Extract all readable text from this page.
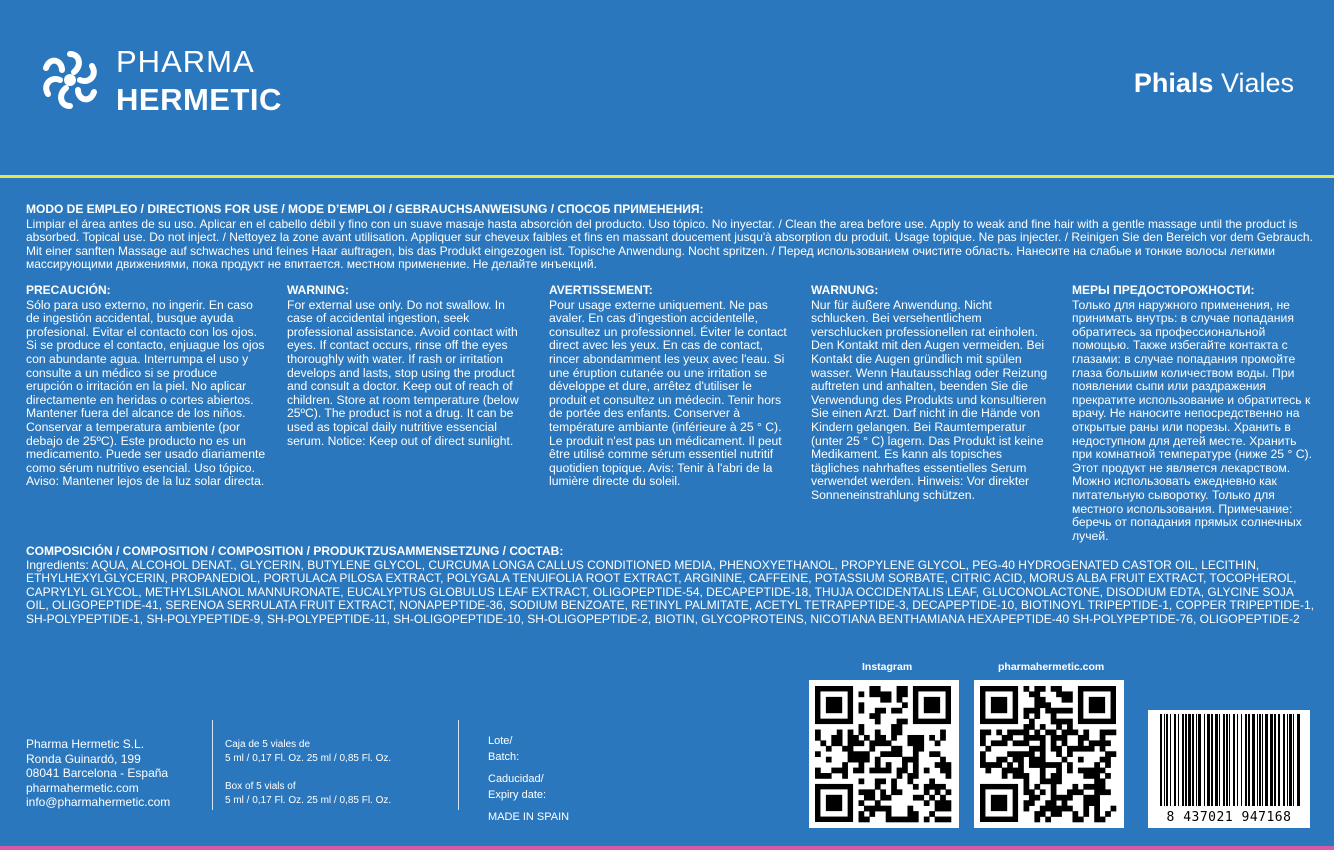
PHARMA
HERMETIC	Phials Viales
MODO DE EMPLEO / DIRECTIONS FOR USE / MODE D’EMPLOI / GEBRAUCHSANWEISUNG / СПОСОБ ПРИМЕНЕНИЯ:
Limpiar el área antes de su uso. Aplicar en el cabello débil y fino con un suave masaje hasta absorción del producto. Uso tópico. No inyectar. / Clean the area before use. Apply to weak and fine hair with a gentle massage until the product is absorbed. Topical use. Do not inject. / Nettoyez la zone avant utilisation. Appliquer sur cheveux faibles et fins en massant doucement jusqu'à absorption du produit. Usage topique. Ne pas injecter. / Reinigen Sie den Bereich vor dem Gebrauch. Mit einer sanften Massage auf schwaches und feines Haar auftragen, bis das Produkt eingezogen ist. Topische Anwendung. Nocht spritzen. / Перед использованием очистите область. Нанесите на слабые и тонкие волосы легкими массирующими движениями, пока продукт не впитается. местном применение. Не делайте инъекций.
PRECAUCIÓN:
Sólo para uso externo, no ingerir. En caso de ingestión accidental, busque ayuda profesional. Evitar el contacto con los ojos. Si se produce el contacto, enjuague los ojos con abundante agua. Interrumpa el uso y consulte a un médico si se produce erupción o irritación en la piel. No aplicar directamente en heridas o cortes abiertos. Mantener fuera del alcance de los niños. Conservar a temperatura ambiente (por debajo de 25ºC). Este producto no es un medicamento. Puede ser usado diariamente como sérum nutritivo esencial. Uso tópico. Aviso: Mantener lejos de la luz solar directa.
WARNING:
For external use only. Do not swallow. In case of accidental ingestion, seek professional assistance. Avoid contact with eyes. If contact occurs, rinse off the eyes thoroughly with water. If rash or irritation develops and lasts, stop using the product and consult a doctor. Keep out of reach of children. Store at room temperature (below 25ºC). The product is not a drug. It can be used as topical daily nutritive essencial serum. Notice: Keep out of direct sunlight.
AVERTISSEMENT:
Pour usage externe uniquement. Ne pas avaler. En cas d'ingestion accidentelle, consultez un professionnel. Éviter le contact direct avec les yeux. En cas de contact, rincer abondamment les yeux avec l'eau. Si une éruption cutanée ou une irritation se développe et dure, arrêtez d'utiliser le produit et consultez un médecin. Tenir hors de portée des enfants. Conserver à température ambiante (inférieure à 25 ° C). Le produit n'est pas un médicament. Il peut être utilisé comme sérum essentiel nutritif quotidien topique. Avis: Tenir à l'abri de la lumière directe du soleil.
WARNUNG:
Nur für äußere Anwendung. Nicht schlucken. Bei versehentlichem verschlucken professionellen rat einholen. Den Kontakt mit den Augen vermeiden. Bei Kontakt die Augen gründlich mit spülen wasser. Wenn Hautausschlag oder Reizung auftreten und anhalten, beenden Sie die Verwendung des Produkts und konsultieren Sie einen Arzt. Darf nicht in die Hände von Kindern gelangen. Bei Raumtemperatur (unter 25 ° C) lagern. Das Produkt ist keine Medikament. Es kann als topisches tägliches nahrhaftes essentielles Serum verwendet werden. Hinweis: Vor direkter Sonneneinstrahlung schützen.
МЕРЫ ПРЕДОСТОРОЖНОСТИ:
Только для наружного применения, не принимать внутрь: в случае попадания обратитесь за профессиональной помощью. Также избегайте контакта с глазами: в случае попадания промойте глаза большим количеством воды. При появлении сыпи или раздражения прекратите использование и обратитесь к врачу. Не наносите непосредственно на открытые раны или порезы. Хранить в недоступном для детей месте. Хранить при комнатной температуре (ниже 25 ° C). Этот продукт не является лекарством. Можно использовать ежедневно как питательную сыворотку. Только для местного использования. Примечание: беречь от попадания прямых солнечных лучей.
COMPOSICIÓN / COMPOSITION / COMPOSITION / PRODUKTZUSAMMENSETZUNG / СОСТАВ:
Ingredients: AQUA, ALCOHOL DENAT., GLYCERIN, BUTYLENE GLYCOL, CURCUMA LONGA CALLUS CONDITIONED MEDIA, PHENOXYETHANOL, PROPYLENE GLYCOL, PEG-40 HYDROGENATED CASTOR OIL, LECITHIN, ETHYLHEXYLGLYCERIN, PROPANEDIOL, PORTULACA PILOSA EXTRACT, POLYGALA TENUIFOLIA ROOT EXTRACT, ARGININE, CAFFEINE, POTASSIUM SORBATE, CITRIC ACID, MORUS ALBA FRUIT EXTRACT, TOCOPHEROL, CAPRYLYL GLYCOL, METHYLSILANOL MANNURONATE, EUCALYPTUS GLOBULUS LEAF EXTRACT, OLIGOPEPTIDE-54, DECAPEPTIDE-18, THUJA OCCIDENTALIS LEAF, GLUCONOLACTONE, DISODIUM EDTA, GLYCINE SOJA OIL, OLIGOPEPTIDE-41, SERENOA SERRULATA FRUIT EXTRACT, NONAPEPTIDE-36, SODIUM BENZOATE, RETINYL PALMITATE, ACETYL TETRAPEPTIDE-3, DECAPEPTIDE-10, BIOTINOYL TRIPEPTIDE-1, COPPER TRIPEPTIDE-1, SH-POLYPEPTIDE-1, SH-POLYPEPTIDE-9, SH-POLYPEPTIDE-11, SH-OLIGOPEPTIDE-10, SH-OLIGOPEPTIDE-2, BIOTIN, GLYCOPROTEINS, NICOTIANA BENTHAMIANA HEXAPEPTIDE-40 SH-POLYPEPTIDE-76, OLIGOPEPTIDE-2
Pharma Hermetic S.L.
Ronda Guinardó, 199
08041 Barcelona - España
pharmahermetic.com
info@pharmahermetic.com
Caja de 5 viales de
5 ml / 0,17 Fl. Oz. 25 ml / 0,85 Fl. Oz.
Box of 5 vials of
5 ml / 0,17 Fl. Oz. 25 ml / 0,85 Fl. Oz.
Lote/
Batch:
Caducidad/
Expiry date:
MADE IN SPAIN
Instagram	pharmahermetic.com
8 437021 947168
